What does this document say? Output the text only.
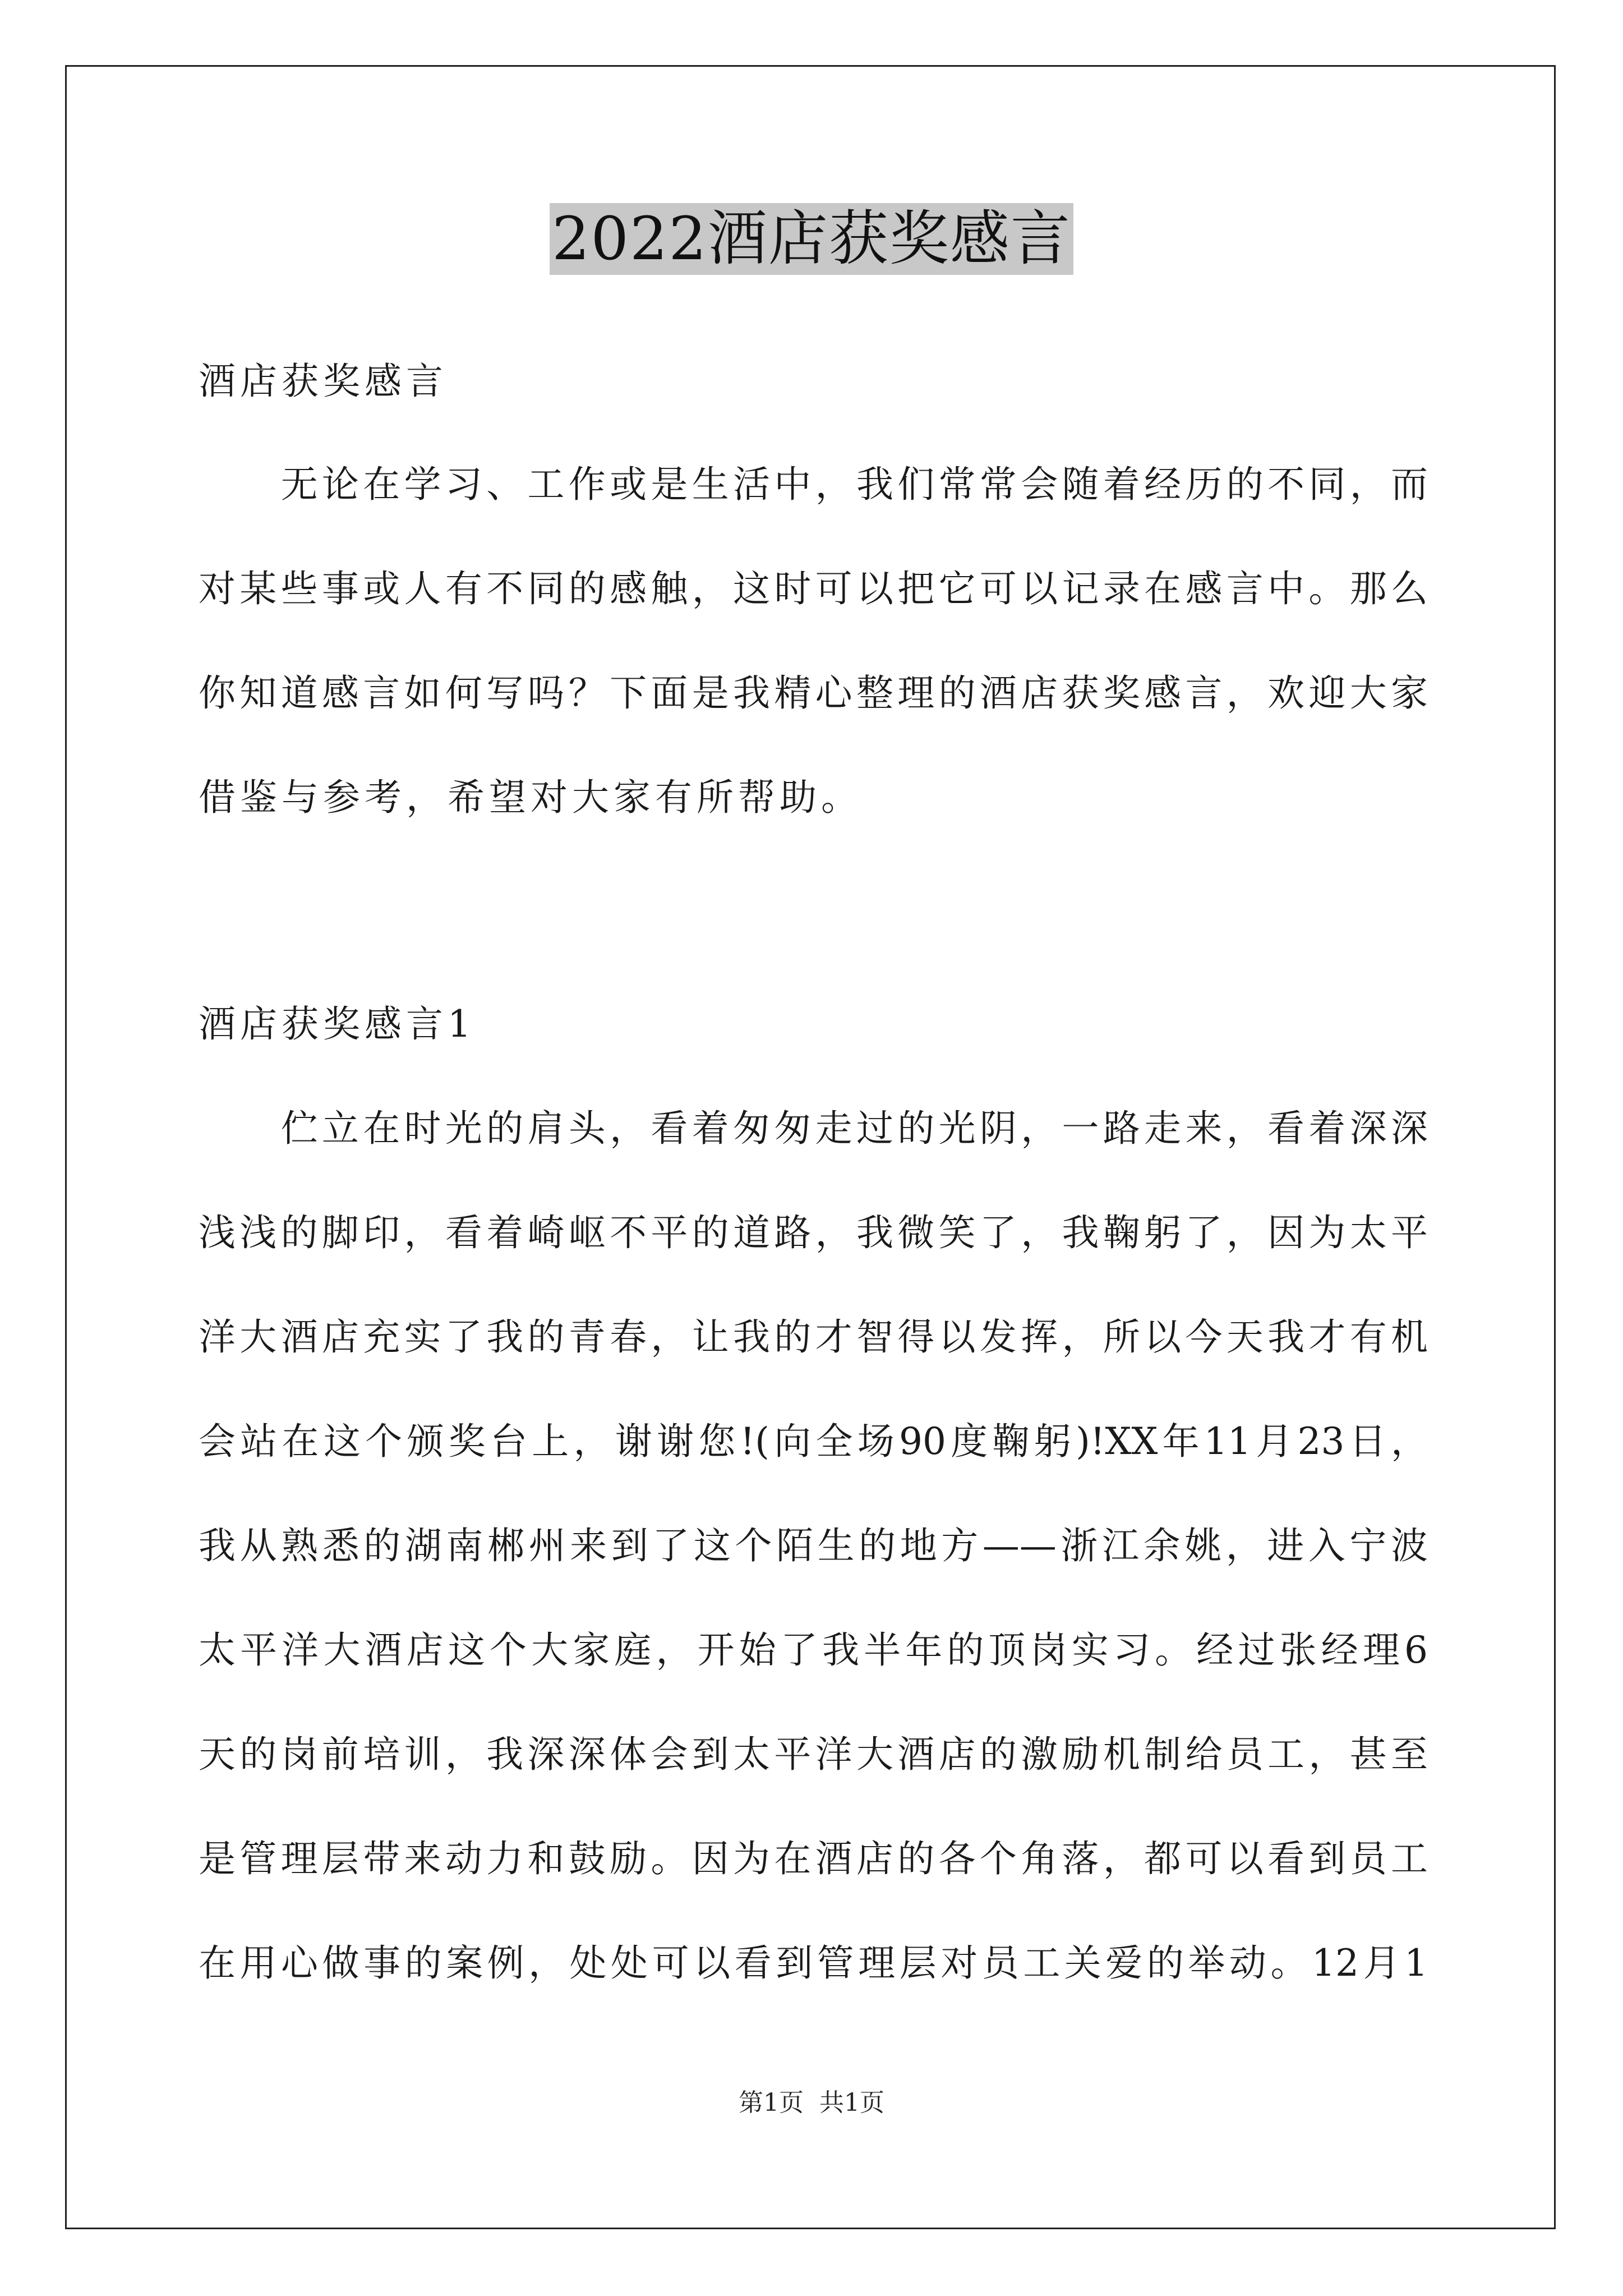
2022酒店获奖感言
酒店获奖感言
　　无论在学习、工作或是生活中，我们常常会随着经历的不同，而
对某些事或人有不同的感触，这时可以把它可以记录在感言中。那么
你知道感言如何写吗？下面是我精心整理的酒店获奖感言，欢迎大家
借鉴与参考，希望对大家有所帮助。
酒店获奖感言1
　　伫立在时光的肩头，看着匆匆走过的光阴，一路走来，看着深深
浅浅的脚印，看着崎岖不平的道路，我微笑了，我鞠躬了，因为太平
洋大酒店充实了我的青春，让我的才智得以发挥，所以今天我才有机
会站在这个颁奖台上，谢谢您!(向全场90度鞠躬)!XX年11月23日，
我从熟悉的湖南郴州来到了这个陌生的地方——浙江余姚，进入宁波
太平洋大酒店这个大家庭，开始了我半年的顶岗实习。经过张经理6
天的岗前培训，我深深体会到太平洋大酒店的激励机制给员工，甚至
是管理层带来动力和鼓励。因为在酒店的各个角落，都可以看到员工
在用心做事的案例，处处可以看到管理层对员工关爱的举动。12月1
第1页 共1页
